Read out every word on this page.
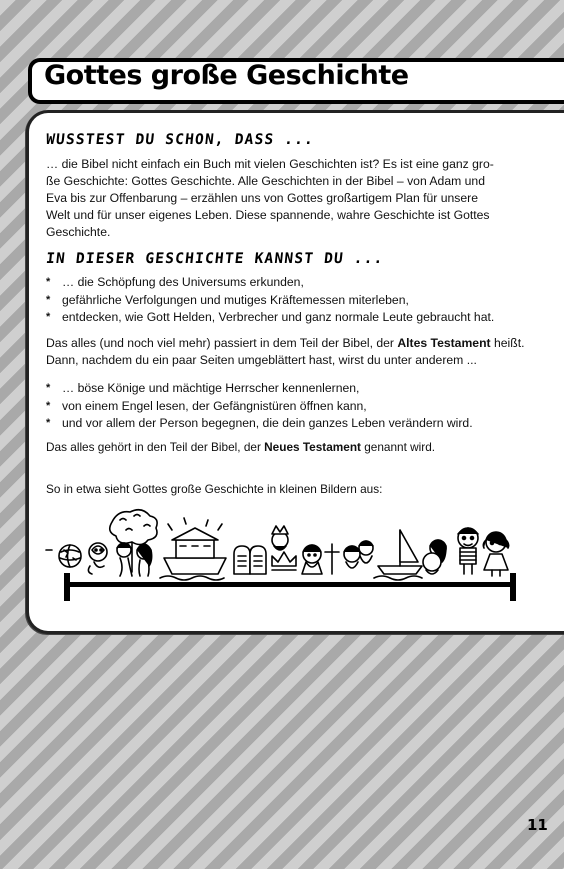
Gottes große Geschichte
WUSSTEST DU SCHON, DASS ...
… die Bibel nicht einfach ein Buch mit vielen Geschichten ist? Es ist eine ganz gro-
ße Geschichte: Gottes Geschichte. Alle Geschichten in der Bibel – von Adam und
Eva bis zur Offenbarung – erzählen uns von Gottes großartigem Plan für unsere
Welt und für unser eigenes Leben. Diese spannende, wahre Geschichte ist Gottes
Geschichte.
IN DIESER GESCHICHTE KANNST DU ...
* … die Schöpfung des Universums erkunden,
* gefährliche Verfolgungen und mutiges Kräftemessen miterleben,
* entdecken, wie Gott Helden, Verbrecher und ganz normale Leute gebraucht hat.
Das alles (und noch viel mehr) passiert in dem Teil der Bibel, der Altes Testament heißt.
Dann, nachdem du ein paar Seiten umgeblättert hast, wirst du unter anderem ...
* … böse Könige und mächtige Herrscher kennenlernen,
* von einem Engel lesen, der Gefängnistüren öffnen kann,
* und vor allem der Person begegnen, die dein ganzes Leben verändern wird.
Das alles gehört in den Teil der Bibel, der Neues Testament genannt wird.
So in etwa sieht Gottes große Geschichte in kleinen Bildern aus:
11
